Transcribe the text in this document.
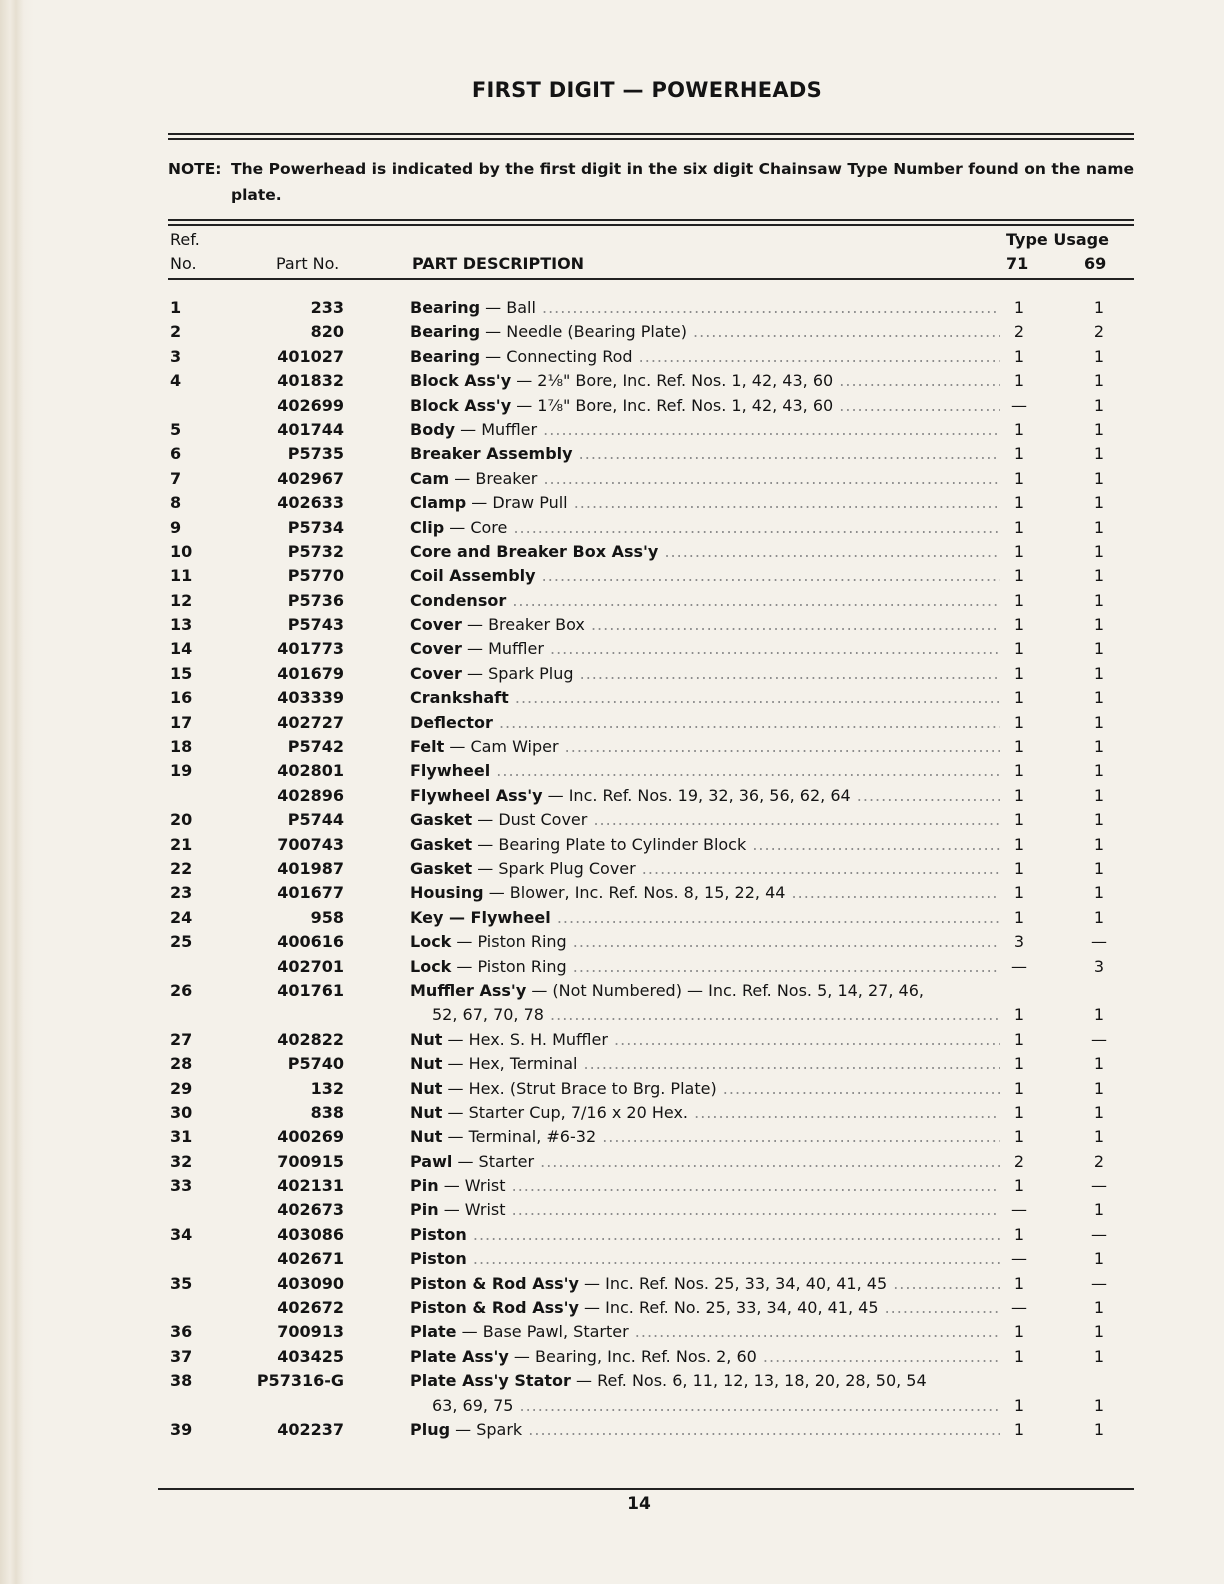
FIRST DIGIT — POWERHEADS
NOTE: The Powerhead is indicated by the first digit in the six digit Chainsaw Type Number found on the name plate.
Ref.
No.	Part No.	PART DESCRIPTION
Type Usage
71	69
1	233	Bearing — Ball .....	1	1
2	820	Bearing — Needle (Bearing Plate) .....	2	2
3	401027	Bearing — Connecting Rod .....	1	1
4	401832	Block Ass'y — 2⅛" Bore, Inc. Ref. Nos. 1, 42, 43, 60 .....	1	1
402699	Block Ass'y — 1⅞" Bore, Inc. Ref. Nos. 1, 42, 43, 60 .....	—	1
5	401744	Body — Muffler .....	1	1
6	P5735	Breaker Assembly .....	1	1
7	402967	Cam — Breaker .....	1	1
8	402633	Clamp — Draw Pull .....	1	1
9	P5734	Clip — Core .....	1	1
10	P5732	Core and Breaker Box Ass'y .....	1	1
11	P5770	Coil Assembly .....	1	1
12	P5736	Condensor .....	1	1
13	P5743	Cover — Breaker Box .....	1	1
14	401773	Cover — Muffler .....	1	1
15	401679	Cover — Spark Plug .....	1	1
16	403339	Crankshaft .....	1	1
17	402727	Deflector .....	1	1
18	P5742	Felt — Cam Wiper .....	1	1
19	402801	Flywheel .....	1	1
402896	Flywheel Ass'y — Inc. Ref. Nos. 19, 32, 36, 56, 62, 64 .....	1	1
20	P5744	Gasket — Dust Cover .....	1	1
21	700743	Gasket — Bearing Plate to Cylinder Block .....	1	1
22	401987	Gasket — Spark Plug Cover .....	1	1
23	401677	Housing — Blower, Inc. Ref. Nos. 8, 15, 22, 44 .....	1	1
24	958	Key — Flywheel .....	1	1
25	400616	Lock — Piston Ring .....	3	—
402701	Lock — Piston Ring .....	—	3
26	401761	Muffler Ass'y — (Not Numbered) — Inc. Ref. Nos. 5, 14, 27, 46,
52, 67, 70, 78 .....	1	1
27	402822	Nut — Hex. S. H. Muffler .....	1	—
28	P5740	Nut — Hex, Terminal .....	1	1
29	132	Nut — Hex. (Strut Brace to Brg. Plate) .....	1	1
30	838	Nut — Starter Cup, 7/16 x 20 Hex. .....	1	1
31	400269	Nut — Terminal, #6-32 .....	1	1
32	700915	Pawl — Starter .....	2	2
33	402131	Pin — Wrist .....	1	—
402673	Pin — Wrist .....	—	1
34	403086	Piston .....	1	—
402671	Piston .....	—	1
35	403090	Piston & Rod Ass'y — Inc. Ref. Nos. 25, 33, 34, 40, 41, 45 .....	1	—
402672	Piston & Rod Ass'y — Inc. Ref. No. 25, 33, 34, 40, 41, 45 .....	—	1
36	700913	Plate — Base Pawl, Starter .....	1	1
37	403425	Plate Ass'y — Bearing, Inc. Ref. Nos. 2, 60 .....	1	1
38	P57316-G	Plate Ass'y Stator — Ref. Nos. 6, 11, 12, 13, 18, 20, 28, 50, 54
63, 69, 75 .....	1	1
39	402237	Plug — Spark .....	1	1
14
